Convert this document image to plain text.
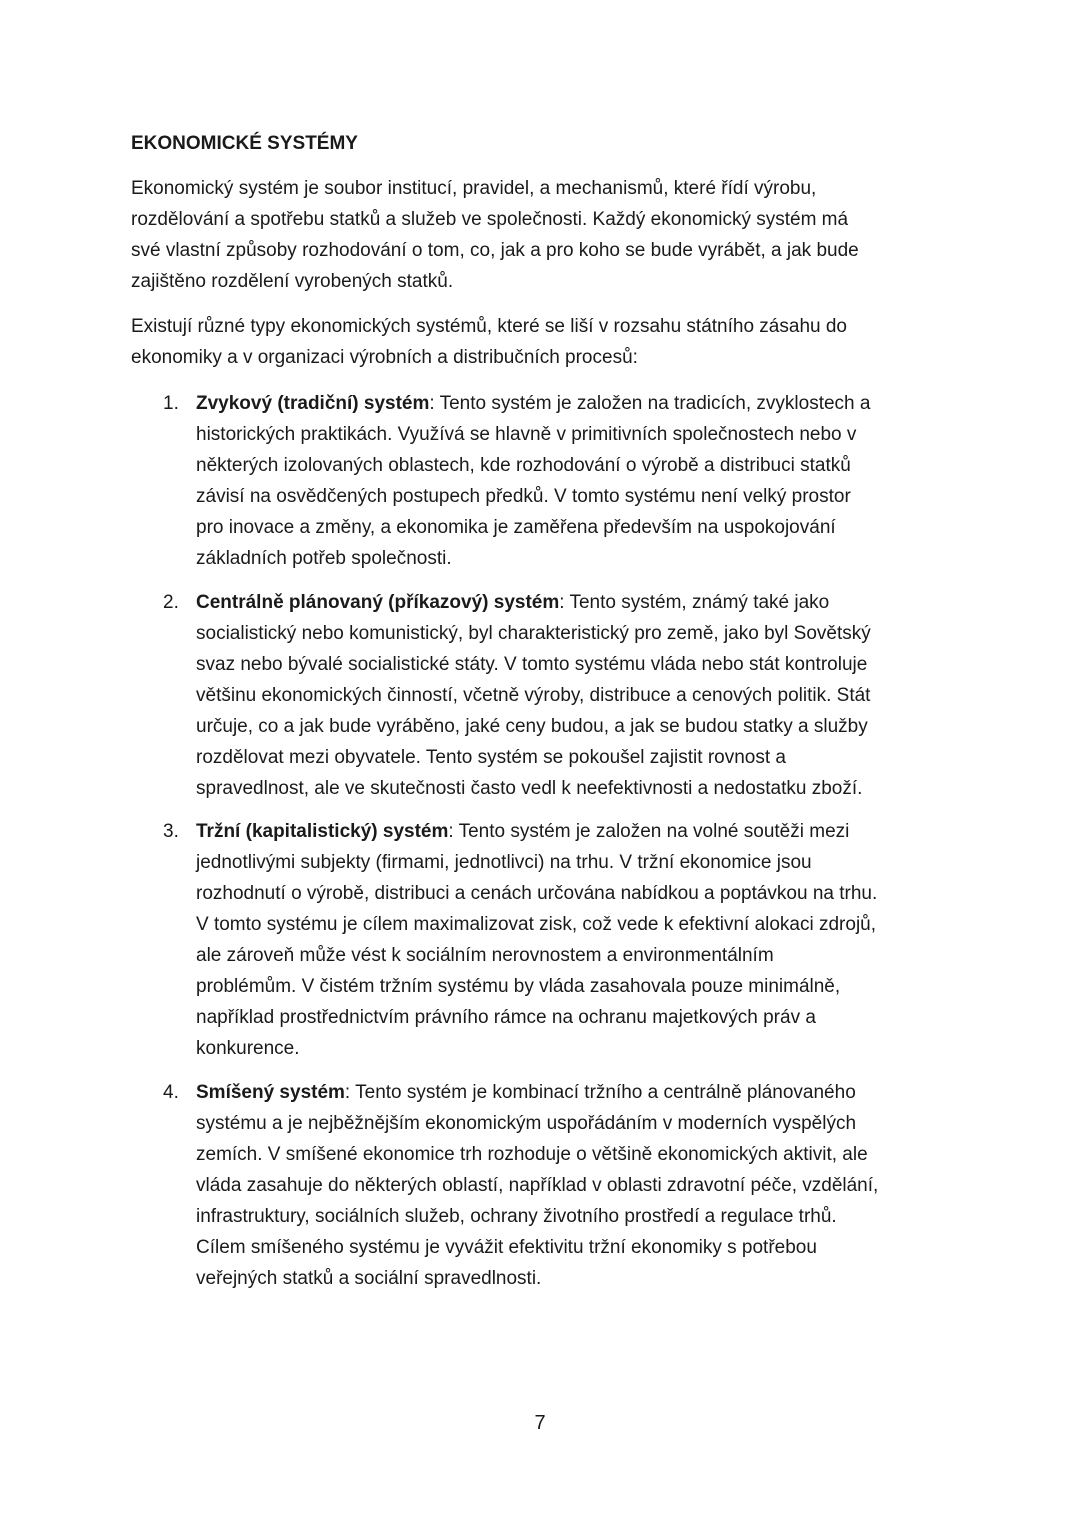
EKONOMICKÉ SYSTÉMY
Ekonomický systém je soubor institucí, pravidel, a mechanismů, které řídí výrobu,
rozdělování a spotřebu statků a služeb ve společnosti. Každý ekonomický systém má
své vlastní způsoby rozhodování o tom, co, jak a pro koho se bude vyrábět, a jak bude
zajištěno rozdělení vyrobených statků.
Existují různé typy ekonomických systémů, které se liší v rozsahu státního zásahu do
ekonomiky a v organizaci výrobních a distribučních procesů:
1. Zvykový (tradiční) systém: Tento systém je založen na tradicích, zvyklostech a
historických praktikách. Využívá se hlavně v primitivních společnostech nebo v
některých izolovaných oblastech, kde rozhodování o výrobě a distribuci statků
závisí na osvědčených postupech předků. V tomto systému není velký prostor
pro inovace a změny, a ekonomika je zaměřena především na uspokojování
základních potřeb společnosti.
2. Centrálně plánovaný (příkazový) systém: Tento systém, známý také jako
socialistický nebo komunistický, byl charakteristický pro země, jako byl Sovětský
svaz nebo bývalé socialistické státy. V tomto systému vláda nebo stát kontroluje
většinu ekonomických činností, včetně výroby, distribuce a cenových politik. Stát
určuje, co a jak bude vyráběno, jaké ceny budou, a jak se budou statky a služby
rozdělovat mezi obyvatele. Tento systém se pokoušel zajistit rovnost a
spravedlnost, ale ve skutečnosti často vedl k neefektivnosti a nedostatku zboží.
3. Tržní (kapitalistický) systém: Tento systém je založen na volné soutěži mezi
jednotlivými subjekty (firmami, jednotlivci) na trhu. V tržní ekonomice jsou
rozhodnutí o výrobě, distribuci a cenách určována nabídkou a poptávkou na trhu.
V tomto systému je cílem maximalizovat zisk, což vede k efektivní alokaci zdrojů,
ale zároveň může vést k sociálním nerovnostem a environmentálním
problémům. V čistém tržním systému by vláda zasahovala pouze minimálně,
například prostřednictvím právního rámce na ochranu majetkových práv a
konkurence.
4. Smíšený systém: Tento systém je kombinací tržního a centrálně plánovaného
systému a je nejběžnějším ekonomickým uspořádáním v moderních vyspělých
zemích. V smíšené ekonomice trh rozhoduje o většině ekonomických aktivit, ale
vláda zasahuje do některých oblastí, například v oblasti zdravotní péče, vzdělání,
infrastruktury, sociálních služeb, ochrany životního prostředí a regulace trhů.
Cílem smíšeného systému je vyvážit efektivitu tržní ekonomiky s potřebou
veřejných statků a sociální spravedlnosti.
7
